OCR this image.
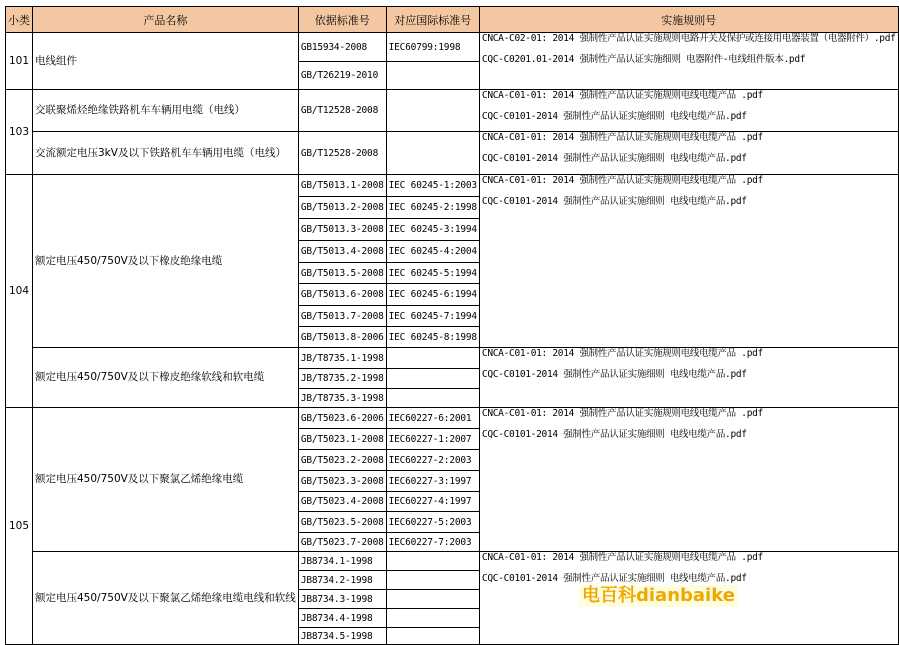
小类	产品名称	依据标准号	对应国际标准号	实施规则号
101	电线组件	GB15934-2008	IEC60799:1998	CNCA-C02-01: 2014 强制性产品认证实施规则电路开关及保护或连接用电器装置（电器附件）.pdf
CQC-C0201.01-2014 强制性产品认证实施细则 电器附件-电线组件版本.pdf

		GB/T26219-2010		
103	交联聚烯烃绝缘铁路机车车辆用电缆（电线）	GB/T12528-2008		CNCA-C01-01: 2014 强制性产品认证实施规则电线电缆产品 .pdf
CQC-C0101-2014 强制性产品认证实施细则 电线电缆产品.pdf

	交流额定电压3kV及以下铁路机车车辆用电缆（电线）	GB/T12528-2008		CNCA-C01-01: 2014 强制性产品认证实施规则电线电缆产品 .pdf
CQC-C0101-2014 强制性产品认证实施细则 电线电缆产品.pdf

104	额定电压450/750V及以下橡皮绝缘电缆	GB/T5013.1-2008	IEC 60245-1:2003	CNCA-C01-01: 2014 强制性产品认证实施规则电线电缆产品 .pdf
CQC-C0101-2014 强制性产品认证实施细则 电线电缆产品.pdf

		GB/T5013.2-2008	IEC 60245-2:1998	
		GB/T5013.3-2008	IEC 60245-3:1994	
		GB/T5013.4-2008	IEC 60245-4:2004	
		GB/T5013.5-2008	IEC 60245-5:1994	
		GB/T5013.6-2008	IEC 60245-6:1994	
		GB/T5013.7-2008	IEC 60245-7:1994	
		GB/T5013.8-2006	IEC 60245-8:1998	
	额定电压450/750V及以下橡皮绝缘软线和软电缆	JB/T8735.1-1998		CNCA-C01-01: 2014 强制性产品认证实施规则电线电缆产品 .pdf
CQC-C0101-2014 强制性产品认证实施细则 电线电缆产品.pdf

		JB/T8735.2-1998		
		JB/T8735.3-1998		
105	额定电压450/750V及以下聚氯乙烯绝缘电缆	GB/T5023.6-2006	IEC60227-6:2001	CNCA-C01-01: 2014 强制性产品认证实施规则电线电缆产品 .pdf
CQC-C0101-2014 强制性产品认证实施细则 电线电缆产品.pdf

		GB/T5023.1-2008	IEC60227-1:2007	
		GB/T5023.2-2008	IEC60227-2:2003	
		GB/T5023.3-2008	IEC60227-3:1997	
		GB/T5023.4-2008	IEC60227-4:1997	
		GB/T5023.5-2008	IEC60227-5:2003	
		GB/T5023.7-2008	IEC60227-7:2003	
	额定电压450/750V及以下聚氯乙烯绝缘电缆电线和软线	JB8734.1-1998		CNCA-C01-01: 2014 强制性产品认证实施规则电线电缆产品 .pdf
CQC-C0101-2014 强制性产品认证实施细则 电线电缆产品.pdf

		JB8734.2-1998		
		JB8734.3-1998		
		JB8734.4-1998		
		JB8734.5-1998		
电百科dianbaike
